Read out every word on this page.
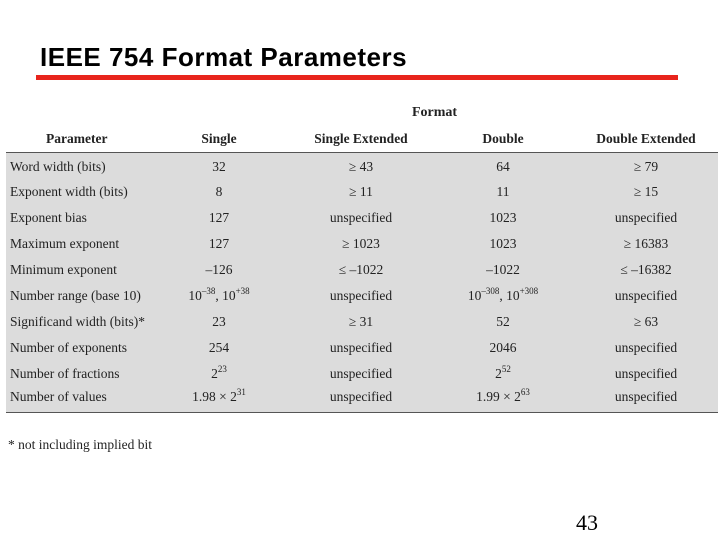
IEEE 754 Format Parameters
Format
Parameter	Single	Single Extended	Double	Double Extended
Word width (bits)	32	≥ 43	64	≥ 79
Exponent width (bits)	8	≥ 11	11	≥ 15
Exponent bias	127	unspecified	1023	unspecified
Maximum exponent	127	≥ 1023	1023	≥ 16383
Minimum exponent	–126	≤ –1022	–1022	≤ –16382
Number range (base 10)	$10^{-38}$, $10^{+38}$	unspecified	$10^{-308}$, $10^{+308}$	unspecified
Significand width (bits)*	23	≥ 31	52	≥ 63
Number of exponents	254	unspecified	2046	unspecified
Number of fractions	$2^{23}$	unspecified	$2^{52}$	unspecified
Number of values	$1.98 \times 2^{31}$	unspecified	$1.99 \times 2^{63}$	unspecified
* not including implied bit
43
